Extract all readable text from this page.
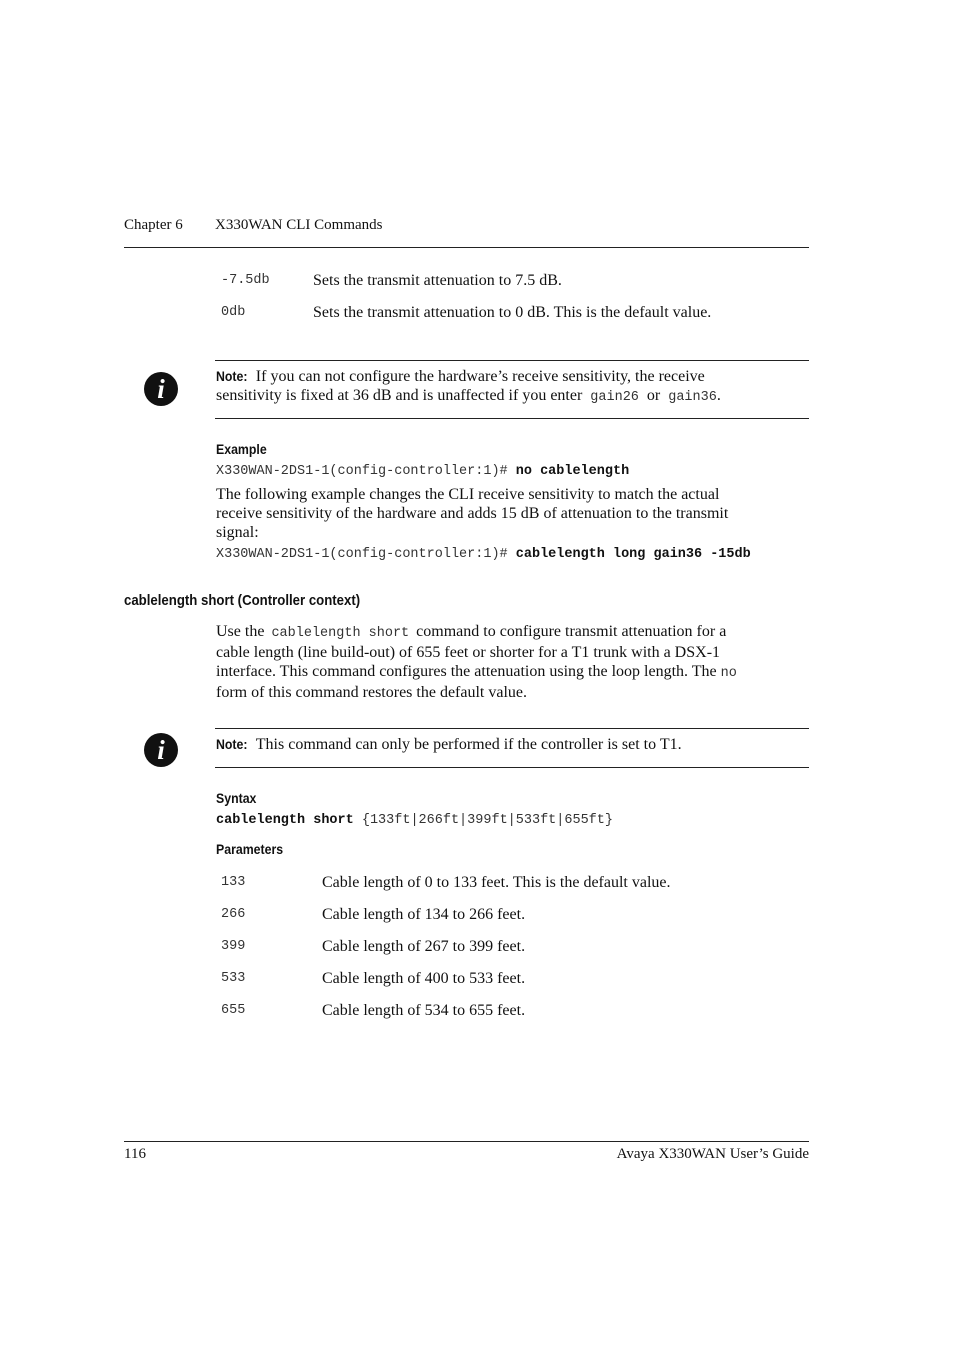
Chapter 6 X330WAN CLI Commands
-7.5db	Sets the transmit attenuation to 7.5 dB.
0db	Sets the transmit attenuation to 0 dB. This is the default value.
i	Note: If you can not configure the hardware’s receive sensitivity, the receive
sensitivity is fixed at 36 dB and is unaffected if you enter gain26 or gain36.
Example
X330WAN-2DS1-1(config-controller:1)# no cablelength
The following example changes the CLI receive sensitivity to match the actual
receive sensitivity of the hardware and adds 15 dB of attenuation to the transmit
signal:
X330WAN-2DS1-1(config-controller:1)# cablelength long gain36 -15db
cablelength short (Controller context)
Use the cablelength short command to configure transmit attenuation for a
cable length (line build-out) of 655 feet or shorter for a T1 trunk with a DSX-1
interface. This command configures the attenuation using the loop length. The no
form of this command restores the default value.
i	Note: This command can only be performed if the controller is set to T1.
Syntax
cablelength short {133ft|266ft|399ft|533ft|655ft}
Parameters
133	Cable length of 0 to 133 feet. This is the default value.
266	Cable length of 134 to 266 feet.
399	Cable length of 267 to 399 feet.
533	Cable length of 400 to 533 feet.
655	Cable length of 534 to 655 feet.
116	Avaya X330WAN User’s Guide
